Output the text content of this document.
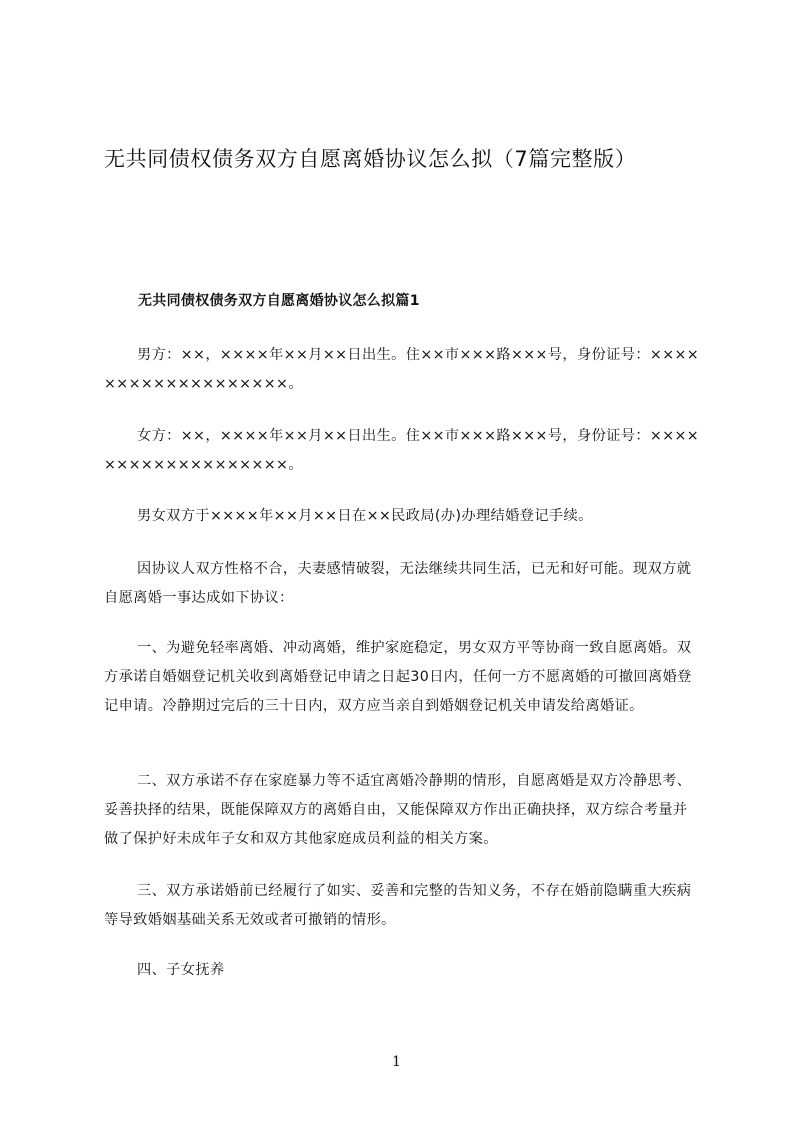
无共同债权债务双方自愿离婚协议怎么拟（7篇完整版）
无共同债权债务双方自愿离婚协议怎么拟篇1

男方：××，××××年××月××日出生。住××市×××路×××号，身份证号：×××××××××××××××××××。

女方：××，××××年××月××日出生。住××市×××路×××号，身份证号：×××××××××××××××××××。

男女双方于××××年××月××日在××民政局(办)办理结婚登记手续。

因协议人双方性格不合，夫妻感情破裂，无法继续共同生活，已无和好可能。现双方就自愿离婚一事达成如下协议：

一、为避免轻率离婚、冲动离婚，维护家庭稳定，男女双方平等协商一致自愿离婚。双方承诺自婚姻登记机关收到离婚登记申请之日起30日内，任何一方不愿离婚的可撤回离婚登记申请。冷静期过完后的三十日内，双方应当亲自到婚姻登记机关申请发给离婚证。

二、双方承诺不存在家庭暴力等不适宜离婚冷静期的情形，自愿离婚是双方冷静思考、妥善抉择的结果，既能保障双方的离婚自由，又能保障双方作出正确抉择，双方综合考量并做了保护好未成年子女和双方其他家庭成员利益的相关方案。

三、双方承诺婚前已经履行了如实、妥善和完整的告知义务，不存在婚前隐瞒重大疾病等导致婚姻基础关系无效或者可撤销的情形。

四、子女抚养

1
